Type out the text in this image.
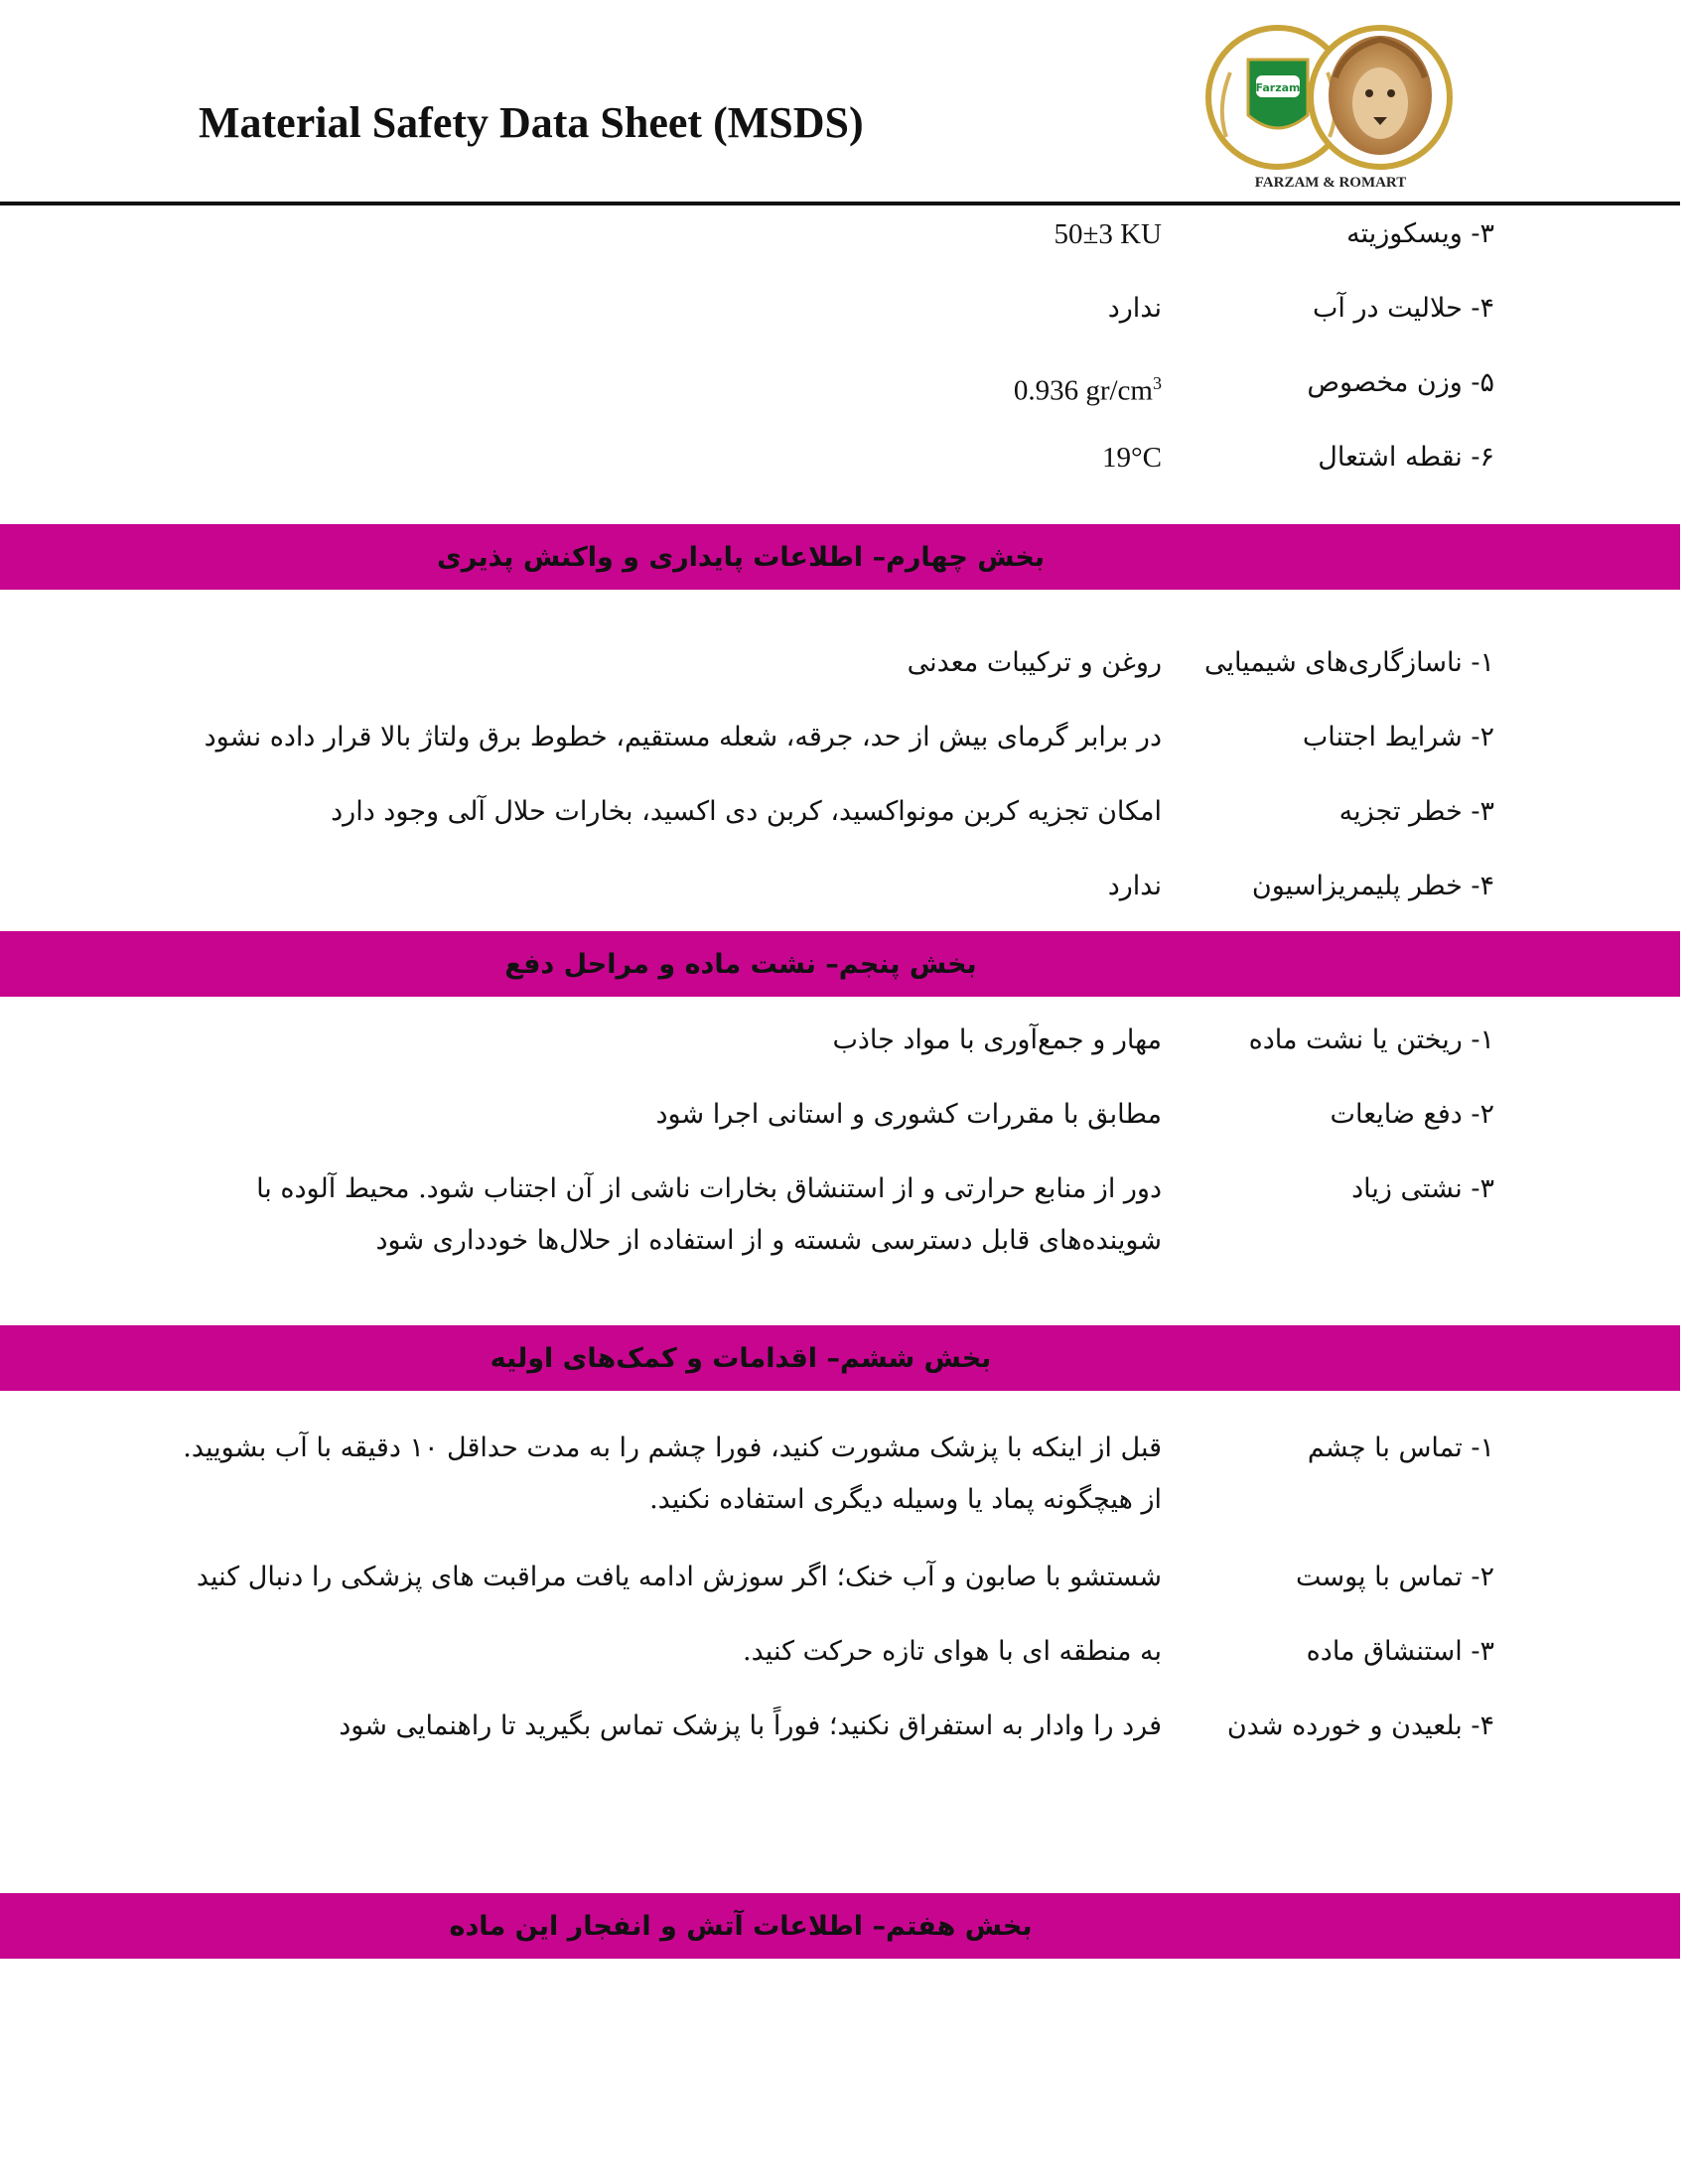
Material Safety Data Sheet (MSDS)
Farzam
FARZAM & ROMART
۳- ویسکوزیته
50±3 KU
۴- حلالیت در آب
ندارد
۵- وزن مخصوص
0.936 $gr/cm^3$
۶- نقطه اشتعال
19°C
بخش چهارم– اطلاعات پایداری و واکنش پذیری
۱- ناسازگاری‌های شیمیایی
روغن و ترکیبات معدنی
۲- شرایط اجتناب
در برابر گرمای بیش از حد، جرقه، شعله مستقیم، خطوط برق ولتاژ بالا قرار داده نشود
۳- خطر تجزیه
امکان تجزیه کربن مونواکسید، کربن دی اکسید، بخارات حلال آلی وجود دارد
۴- خطر پلیمریزاسیون
ندارد
بخش پنجم– نشت ماده و مراحل دفع
۱- ریختن یا نشت ماده
مهار و جمع‌آوری با مواد جاذب
۲- دفع ضایعات
مطابق با مقررات کشوری و استانی اجرا شود
۳- نشتی زیاد
دور از منابع حرارتی و از استنشاق بخارات ناشی از آن اجتناب شود. محیط آلوده با شوینده‌های قابل دسترسی شسته و از استفاده از حلال‌ها خودداری شود
بخش ششم– اقدامات و کمک‌های اولیه
۱- تماس با چشم
قبل از اینکه با پزشک مشورت کنید، فورا چشم را به مدت حداقل ۱۰ دقیقه با آب بشویید. از هیچگونه پماد یا وسیله دیگری استفاده نکنید.
۲- تماس با پوست
شستشو با صابون و آب خنک؛ اگر سوزش ادامه یافت مراقبت های پزشکی را دنبال کنید
۳- استنشاق ماده
به منطقه ای با هوای تازه حرکت کنید.
۴- بلعیدن و خورده شدن
فرد را وادار به استفراق نکنید؛ فوراً با پزشک تماس بگیرید تا راهنمایی شود
بخش هفتم– اطلاعات آتش و انفجار این ماده
